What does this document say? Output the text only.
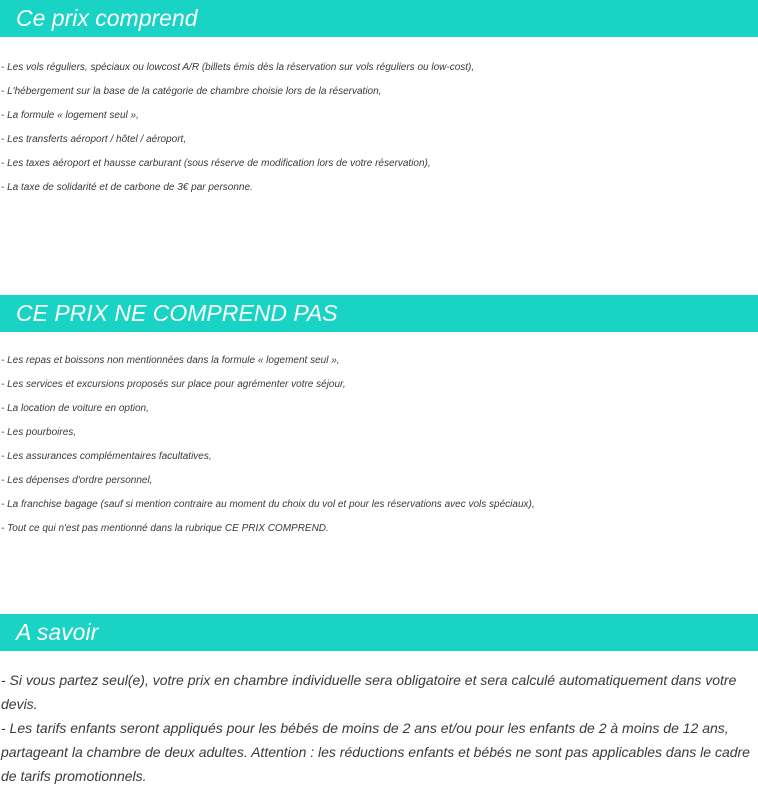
Ce prix comprend
- Les vols réguliers, spéciaux ou lowcost A/R (billets émis dès la réservation sur vols réguliers ou low-cost),
- L'hébergement sur la base de la catégorie de chambre choisie lors de la réservation,
- La formule « logement seul »,
- Les transferts aéroport / hôtel / aéroport,
- Les taxes aéroport et hausse carburant (sous réserve de modification lors de votre réservation),
- La taxe de solidarité et de carbone de 3€ par personne.
CE PRIX NE COMPREND PAS
- Les repas et boissons non mentionnées dans la formule « logement seul »,
- Les services et excursions proposés sur place pour agrémenter votre séjour,
- La location de voiture en option,
- Les pourboires,
- Les assurances complémentaires facultatives,
- Les dépenses d'ordre personnel,
- La franchise bagage (sauf si mention contraire au moment du choix du vol et pour les réservations avec vols spéciaux),
- Tout ce qui n'est pas mentionné dans la rubrique CE PRIX COMPREND.
A savoir
- Si vous partez seul(e), votre prix en chambre individuelle sera obligatoire et sera calculé automatiquement dans votre devis.
- Les tarifs enfants seront appliqués pour les bébés de moins de 2 ans et/ou pour les enfants de 2 à moins de 12 ans, partageant la chambre de deux adultes. Attention : les réductions enfants et bébés ne sont pas applicables dans le cadre de tarifs promotionnels.
